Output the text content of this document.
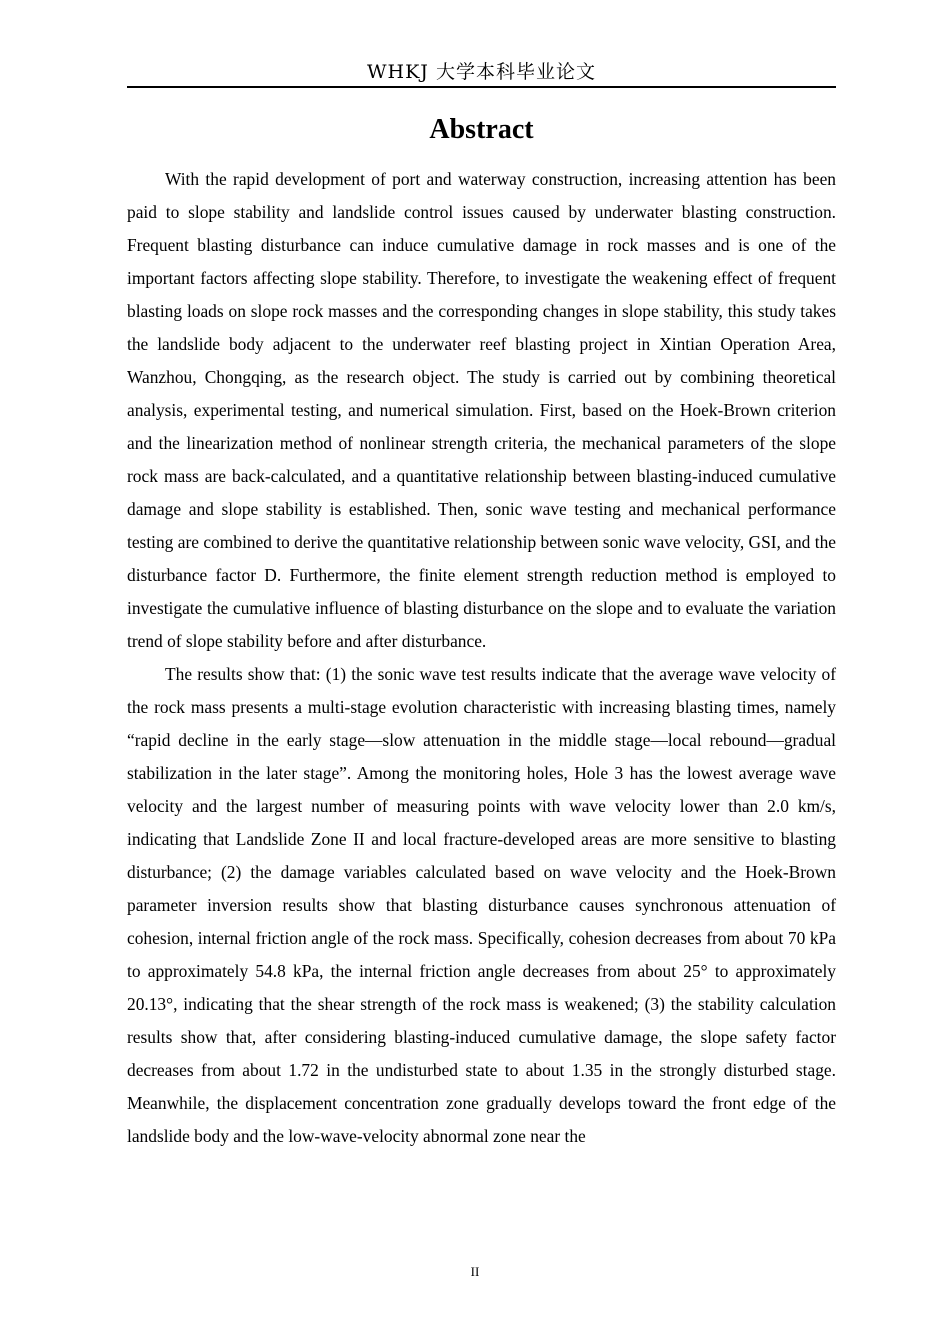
WHKJ 大学本科毕业论文
Abstract

With the rapid development of port and waterway construction, increasing attention has been paid to slope stability and landslide control issues caused by underwater blasting construction. Frequent blasting disturbance can induce cumulative damage in rock masses and is one of the important factors affecting slope stability. Therefore, to investigate the weakening effect of frequent blasting loads on slope rock masses and the corresponding changes in slope stability, this study takes the landslide body adjacent to the underwater reef blasting project in Xintian Operation Area, Wanzhou, Chongqing, as the research object. The study is carried out by combining theoretical analysis, experimental testing, and numerical simulation. First, based on the Hoek-Brown criterion and the linearization method of nonlinear strength criteria, the mechanical parameters of the slope rock mass are back-calculated, and a quantitative relationship between blasting-induced cumulative damage and slope stability is established. Then, sonic wave testing and mechanical performance testing are combined to derive the quantitative relationship between sonic wave velocity, GSI, and the disturbance factor D. Furthermore, the finite element strength reduction method is employed to investigate the cumulative influence of blasting disturbance on the slope and to evaluate the variation trend of slope stability before and after disturbance.

The results show that: (1) the sonic wave test results indicate that the average wave velocity of the rock mass presents a multi-stage evolution characteristic with increasing blasting times, namely “rapid decline in the early stage—slow attenuation in the middle stage—local rebound—gradual stabilization in the later stage”. Among the monitoring holes, Hole 3 has the lowest average wave velocity and the largest number of measuring points with wave velocity lower than 2.0 km/s, indicating that Landslide Zone II and local fracture-developed areas are more sensitive to blasting disturbance; (2) the damage variables calculated based on wave velocity and the Hoek-Brown parameter inversion results show that blasting disturbance causes synchronous attenuation of cohesion, internal friction angle of the rock mass. Specifically, cohesion decreases from about 70 kPa to approximately 54.8 kPa, the internal friction angle decreases from about 25° to approximately 20.13°, indicating that the shear strength of the rock mass is weakened; (3) the stability calculation results show that, after considering blasting-induced cumulative damage, the slope safety factor decreases from about 1.72 in the undisturbed state to about 1.35 in the strongly disturbed stage. Meanwhile, the displacement concentration zone gradually develops toward the front edge of the landslide body and the low-wave-velocity abnormal zone near the

II
